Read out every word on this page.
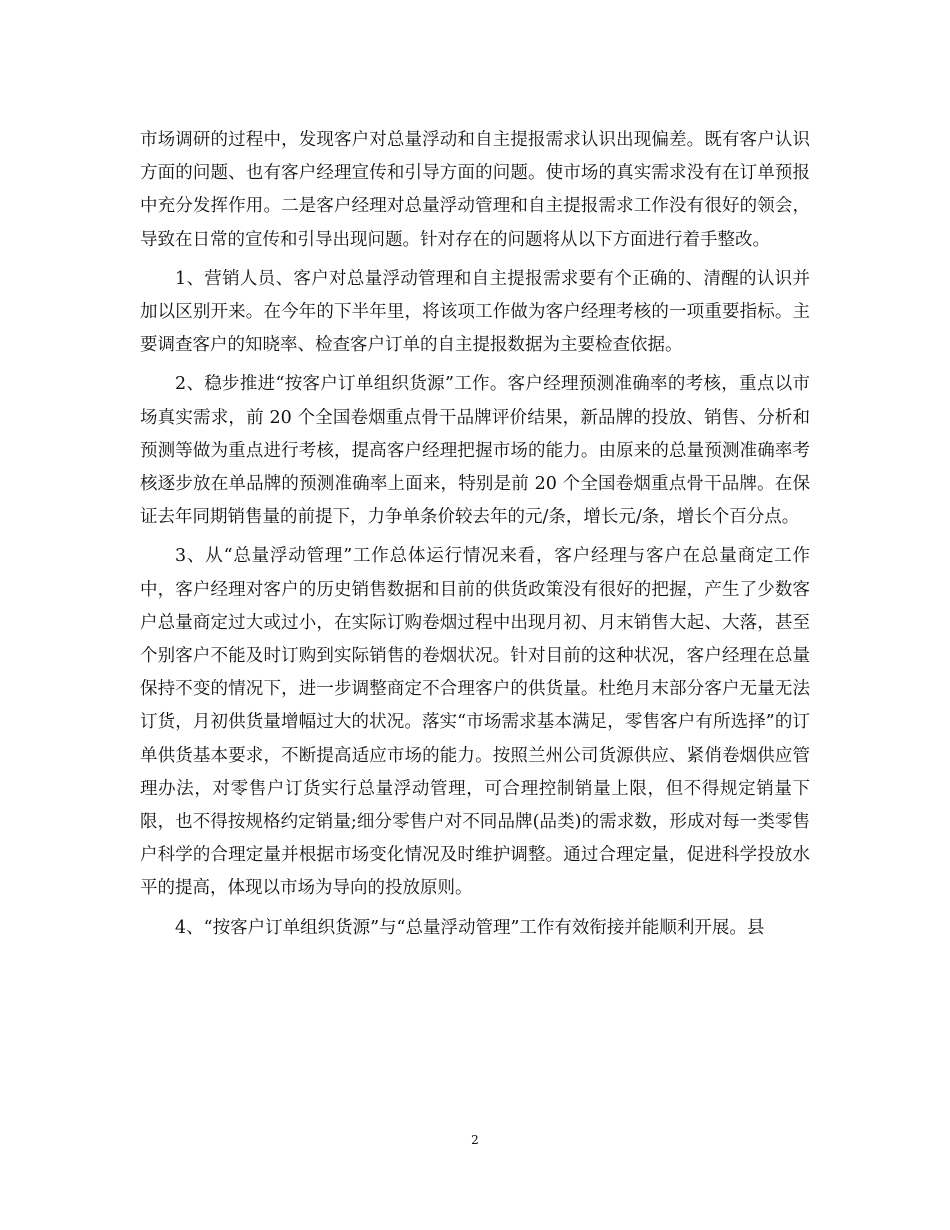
市场调研的过程中，发现客户对总量浮动和自主提报需求认识出现偏差。既有客户认识方面的问题、也有客户经理宣传和引导方面的问题。使市场的真实需求没有在订单预报中充分发挥作用。二是客户经理对总量浮动管理和自主提报需求工作没有很好的领会，导致在日常的宣传和引导出现问题。针对存在的问题将从以下方面进行着手整改。

1、营销人员、客户对总量浮动管理和自主提报需求要有个正确的、清醒的认识并加以区别开来。在今年的下半年里，将该项工作做为客户经理考核的一项重要指标。主要调查客户的知晓率、检查客户订单的自主提报数据为主要检查依据。

2、稳步推进“按客户订单组织货源”工作。客户经理预测准确率的考核，重点以市场真实需求，前 20 个全国卷烟重点骨干品牌评价结果，新品牌的投放、销售、分析和预测等做为重点进行考核，提高客户经理把握市场的能力。由原来的总量预测准确率考核逐步放在单品牌的预测准确率上面来，特别是前 20 个全国卷烟重点骨干品牌。在保证去年同期销售量的前提下，力争单条价较去年的元/条，增长元/条，增长个百分点。

3、从“总量浮动管理”工作总体运行情况来看，客户经理与客户在总量商定工作中，客户经理对客户的历史销售数据和目前的供货政策没有很好的把握，产生了少数客户总量商定过大或过小，在实际订购卷烟过程中出现月初、月末销售大起、大落，甚至个别客户不能及时订购到实际销售的卷烟状况。针对目前的这种状况，客户经理在总量保持不变的情况下，进一步调整商定不合理客户的供货量。杜绝月末部分客户无量无法订货，月初供货量增幅过大的状况。落实“市场需求基本满足，零售客户有所选择”的订单供货基本要求，不断提高适应市场的能力。按照兰州公司货源供应、紧俏卷烟供应管理办法，对零售户订货实行总量浮动管理，可合理控制销量上限，但不得规定销量下限，也不得按规格约定销量;细分零售户对不同品牌(品类)的需求数，形成对每一类零售户科学的合理定量并根据市场变化情况及时维护调整。通过合理定量，促进科学投放水平的提高，体现以市场为导向的投放原则。

4、“按客户订单组织货源”与“总量浮动管理”工作有效衔接并能顺利开展。县

2
